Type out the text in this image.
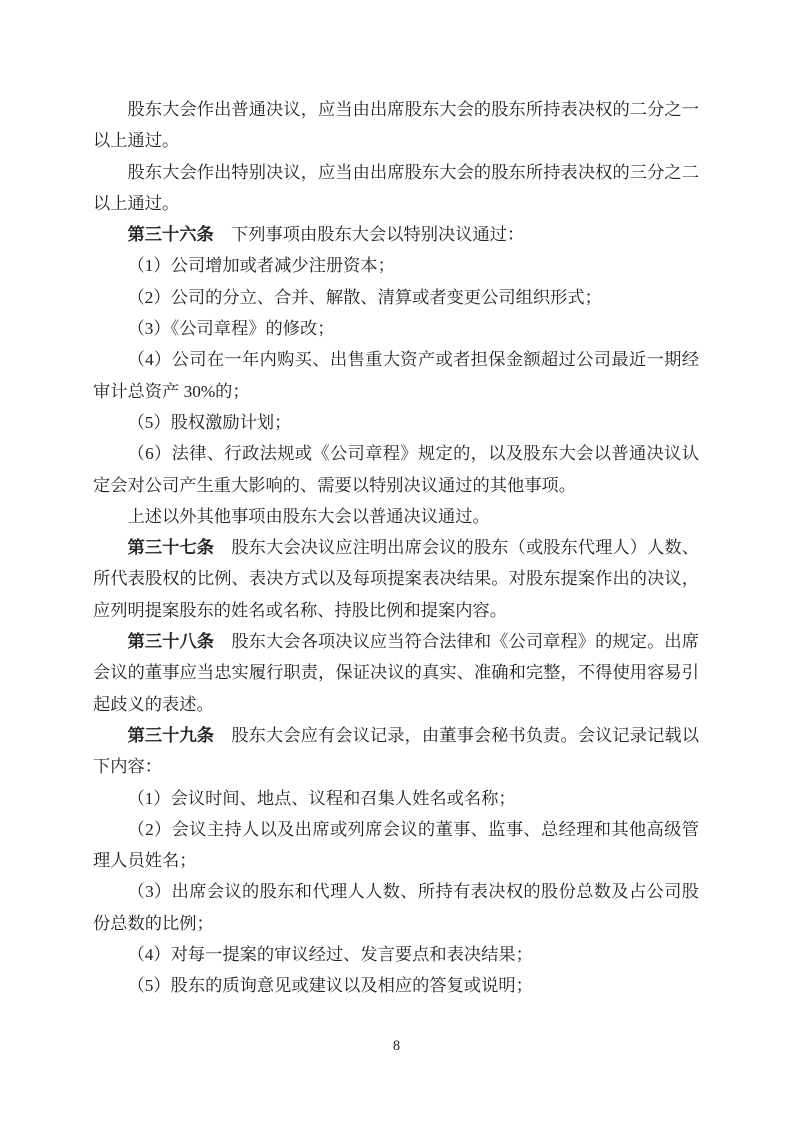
股东大会作出普通决议，应当由出席股东大会的股东所持表决权的二分之一以上通过。

股东大会作出特别决议，应当由出席股东大会的股东所持表决权的三分之二以上通过。

第三十六条 下列事项由股东大会以特别决议通过：

（1）公司增加或者减少注册资本；

（2）公司的分立、合并、解散、清算或者变更公司组织形式；

（3）《公司章程》的修改；

（4）公司在一年内购买、出售重大资产或者担保金额超过公司最近一期经审计总资产 30%的；

（5）股权激励计划；

（6）法律、行政法规或《公司章程》规定的，以及股东大会以普通决议认定会对公司产生重大影响的、需要以特别决议通过的其他事项。

上述以外其他事项由股东大会以普通决议通过。

第三十七条 股东大会决议应注明出席会议的股东（或股东代理人）人数、所代表股权的比例、表决方式以及每项提案表决结果。对股东提案作出的决议，应列明提案股东的姓名或名称、持股比例和提案内容。

第三十八条 股东大会各项决议应当符合法律和《公司章程》的规定。出席会议的董事应当忠实履行职责，保证决议的真实、准确和完整，不得使用容易引起歧义的表述。

第三十九条 股东大会应有会议记录，由董事会秘书负责。会议记录记载以下内容：

（1）会议时间、地点、议程和召集人姓名或名称；

（2）会议主持人以及出席或列席会议的董事、监事、总经理和其他高级管理人员姓名；

（3）出席会议的股东和代理人人数、所持有表决权的股份总数及占公司股份总数的比例；

（4）对每一提案的审议经过、发言要点和表决结果；

（5）股东的质询意见或建议以及相应的答复或说明；

8
